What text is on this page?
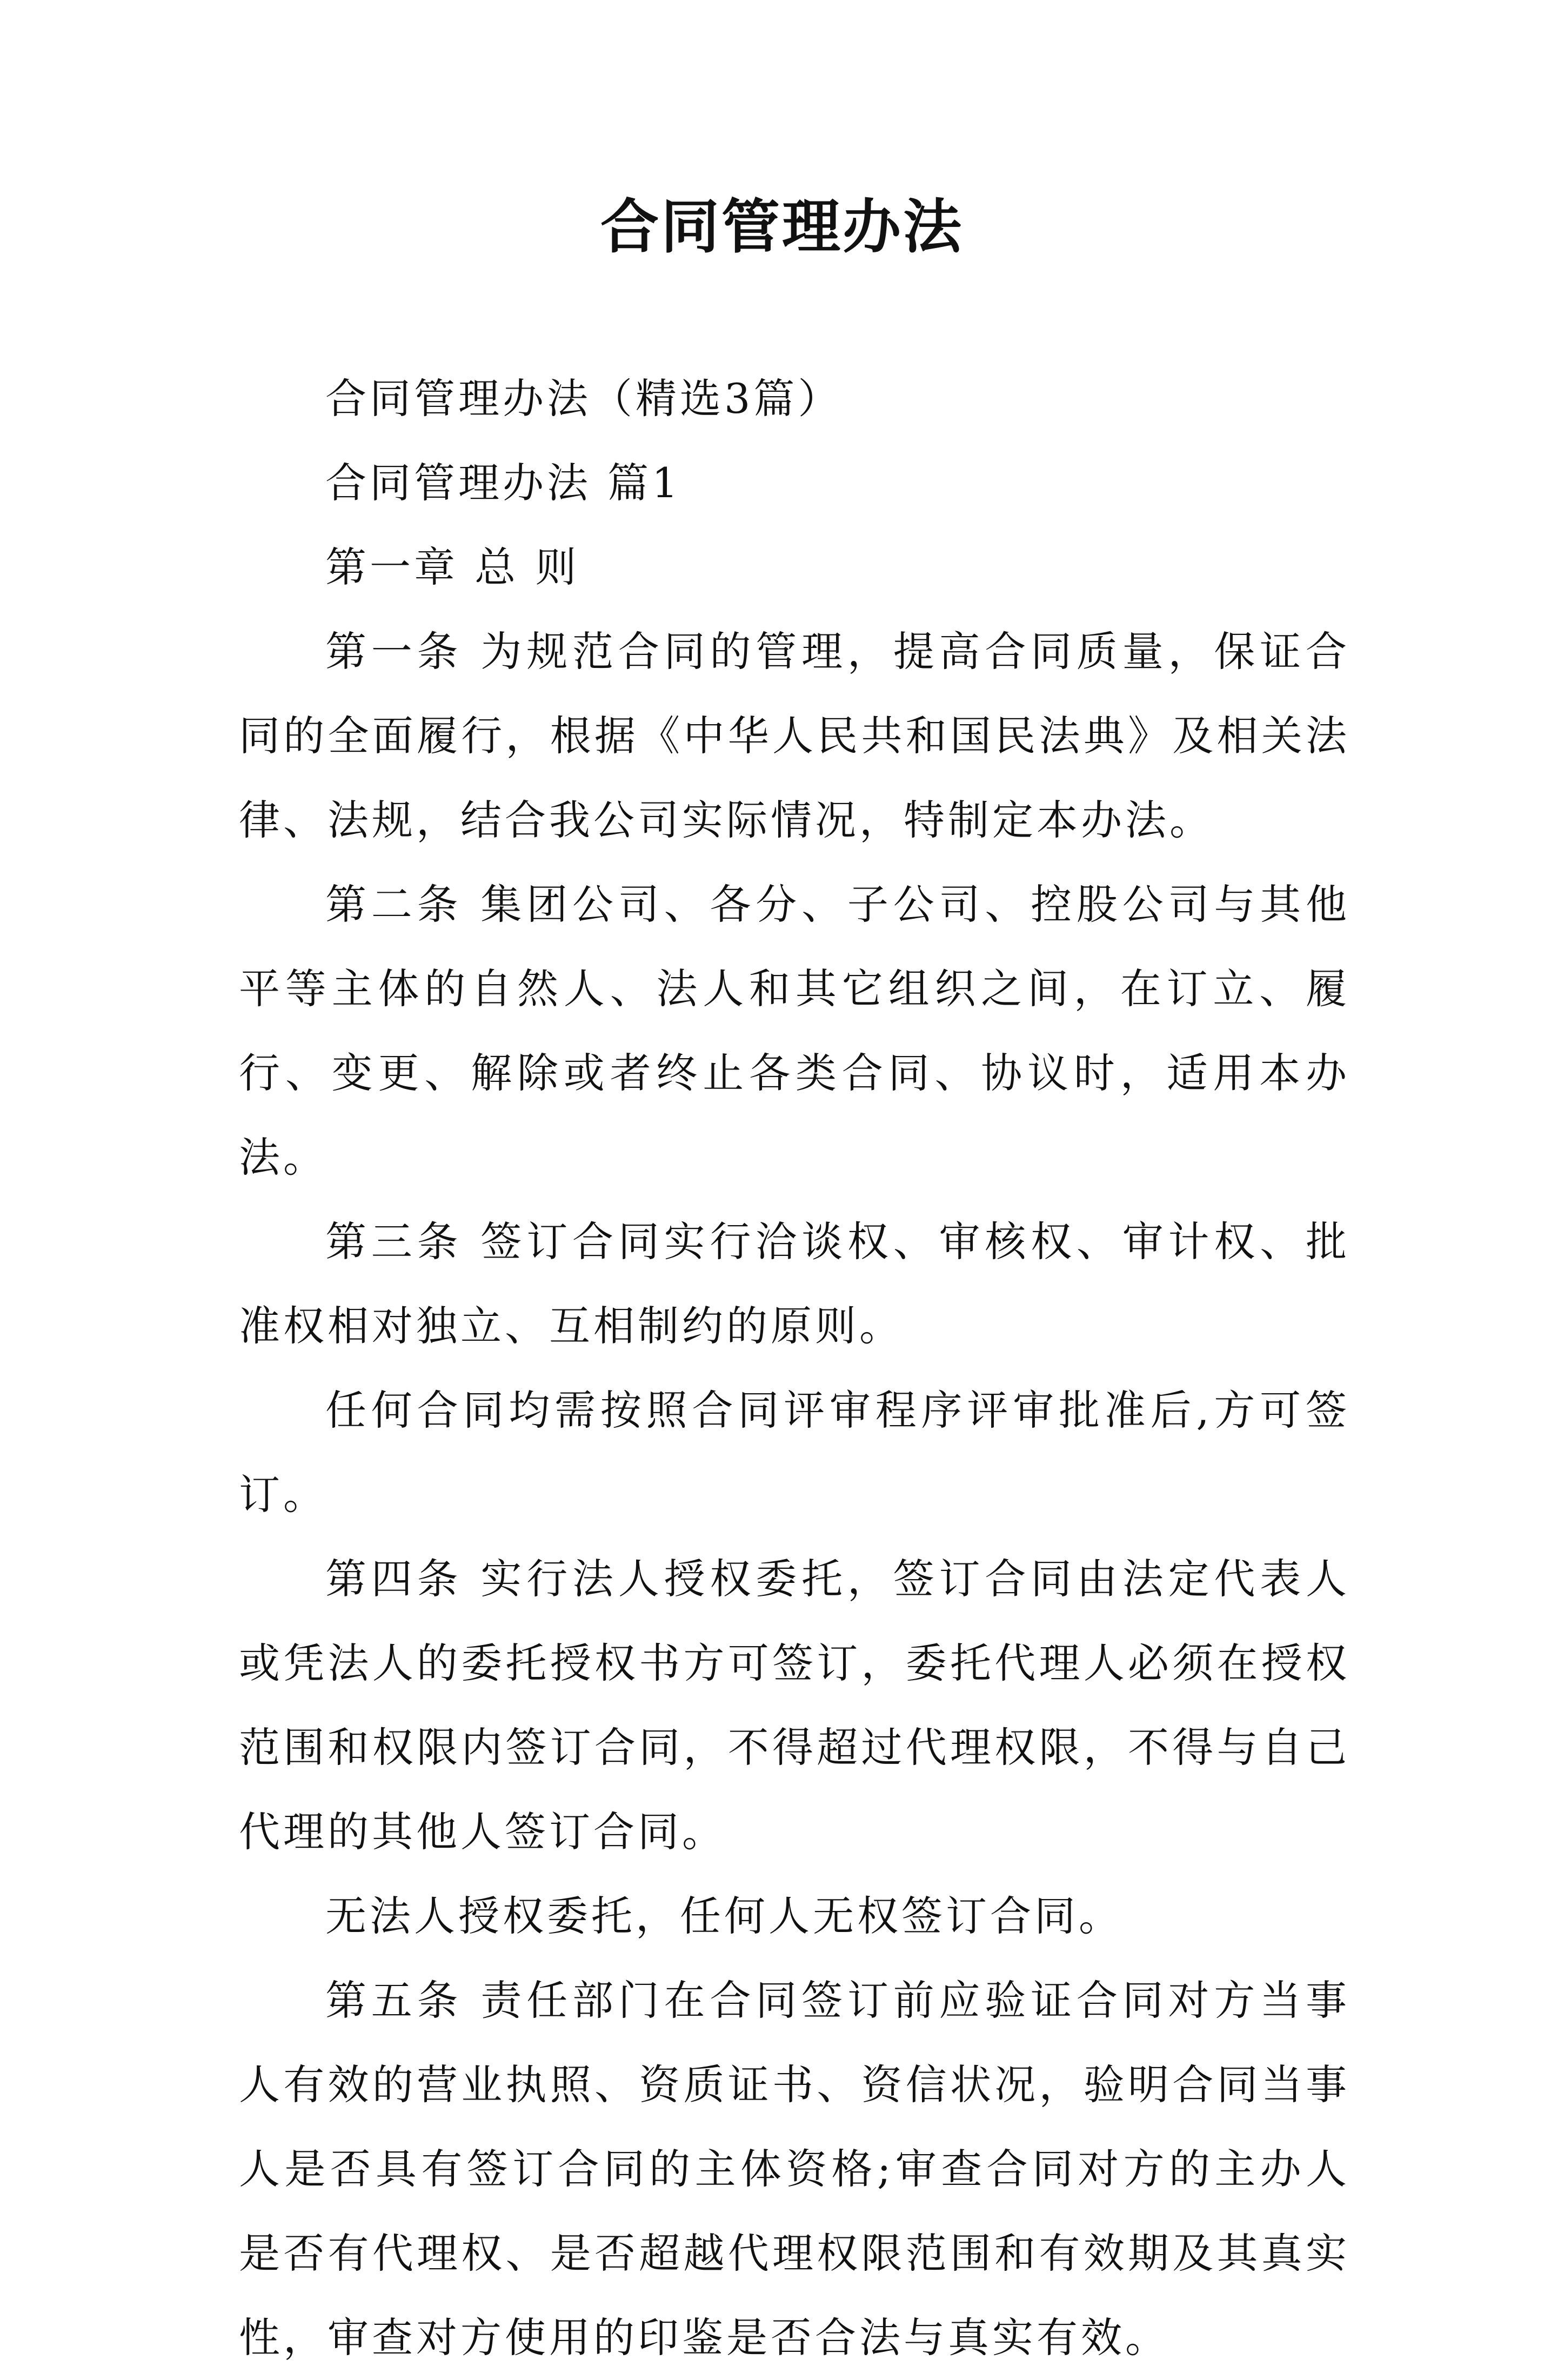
合同管理办法

合同管理办法（精选3篇）

合同管理办法 篇1

第一章 总 则

第一条 为规范合同的管理，提高合同质量，保证合同的全面履行，根据《中华人民共和国民法典》及相关法律、法规，结合我公司实际情况，特制定本办法。

第二条 集团公司、各分、子公司、控股公司与其他平等主体的自然人、法人和其它组织之间，在订立、履行、变更、解除或者终止各类合同、协议时，适用本办法。

第三条 签订合同实行洽谈权、审核权、审计权、批准权相对独立、互相制约的原则。

任何合同均需按照合同评审程序评审批准后,方可签订。

第四条 实行法人授权委托，签订合同由法定代表人或凭法人的委托授权书方可签订，委托代理人必须在授权范围和权限内签订合同，不得超过代理权限，不得与自己代理的其他人签订合同。

无法人授权委托，任何人无权签订合同。

第五条 责任部门在合同签订前应验证合同对方当事人有效的营业执照、资质证书、资信状况，验明合同当事人是否具有签订合同的主体资格;审查合同对方的主办人是否有代理权、是否超越代理权限范围和有效期及其真实性，审查对方使用的印鉴是否合法与真实有效。
